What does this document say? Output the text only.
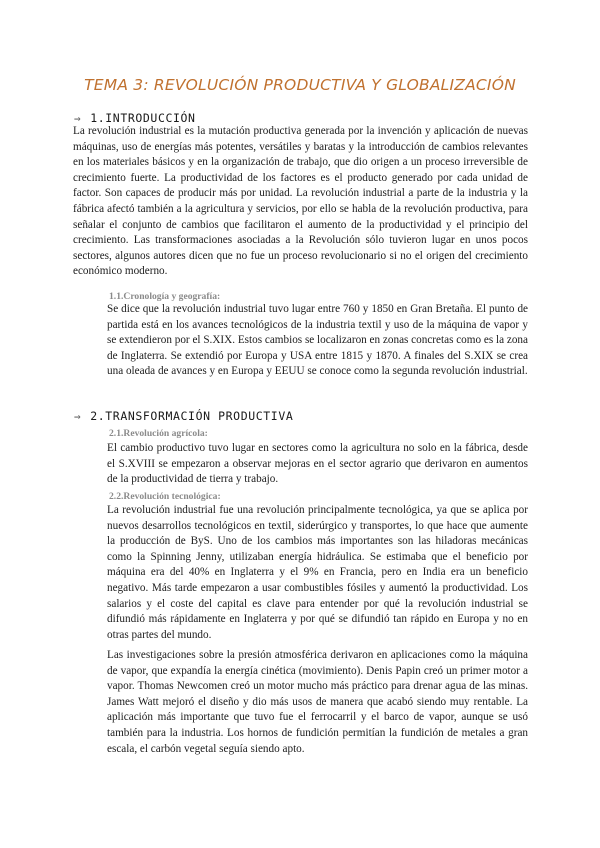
TEMA 3: REVOLUCIÓN PRODUCTIVA Y GLOBALIZACIÓN
⇒ 1.INTRODUCCIÓN

La revolución industrial es la mutación productiva generada por la invención y aplicación de nuevas máquinas, uso de energías más potentes, versátiles y baratas y la introducción de cambios relevantes en los materiales básicos y en la organización de trabajo, que dio origen a un proceso irreversible de crecimiento fuerte. La productividad de los factores es el producto generado por cada unidad de factor. Son capaces de producir más por unidad. La revolución industrial a parte de la industria y la fábrica afectó también a la agricultura y servicios, por ello se habla de la revolución productiva, para señalar el conjunto de cambios que facilitaron el aumento de la productividad y el principio del crecimiento. Las transformaciones asociadas a la Revolución sólo tuvieron lugar en unos pocos sectores, algunos autores dicen que no fue un proceso revolucionario si no el origen del crecimiento económico moderno.

1.1.Cronología y geografía:

Se dice que la revolución industrial tuvo lugar entre 760 y 1850 en Gran Bretaña. El punto de partida está en los avances tecnológicos de la industria textil y uso de la máquina de vapor y se extendieron por el S.XIX. Estos cambios se localizaron en zonas concretas como es la zona de Inglaterra. Se extendió por Europa y USA entre 1815 y 1870. A finales del S.XIX se crea una oleada de avances y en Europa y EEUU se conoce como la segunda revolución industrial.

⇒ 2.TRANSFORMACIÓN PRODUCTIVA
2.1.Revolución agrícola:

El cambio productivo tuvo lugar en sectores como la agricultura no solo en la fábrica, desde el S.XVIII se empezaron a observar mejoras en el sector agrario que derivaron en aumentos de la productividad de tierra y trabajo.

2.2.Revolución tecnológica:

La revolución industrial fue una revolución principalmente tecnológica, ya que se aplica por nuevos desarrollos tecnológicos en textil, siderúrgico y transportes, lo que hace que aumente la producción de ByS. Uno de los cambios más importantes son las hiladoras mecánicas como la Spinning Jenny, utilizaban energía hidráulica. Se estimaba que el beneficio por máquina era del 40% en Inglaterra y el 9% en Francia, pero en India era un beneficio negativo. Más tarde empezaron a usar combustibles fósiles y aumentó la productividad. Los salarios y el coste del capital es clave para entender por qué la revolución industrial se difundió más rápidamente en Inglaterra y por qué se difundió tan rápido en Europa y no en otras partes del mundo.

Las investigaciones sobre la presión atmosférica derivaron en aplicaciones como la máquina de vapor, que expandía la energía cinética (movimiento). Denis Papin creó un primer motor a vapor. Thomas Newcomen creó un motor mucho más práctico para drenar agua de las minas. James Watt mejoró el diseño y dio más usos de manera que acabó siendo muy rentable. La aplicación más importante que tuvo fue el ferrocarril y el barco de vapor, aunque se usó también para la industria. Los hornos de fundición permitían la fundición de metales a gran escala, el carbón vegetal seguía siendo apto.
